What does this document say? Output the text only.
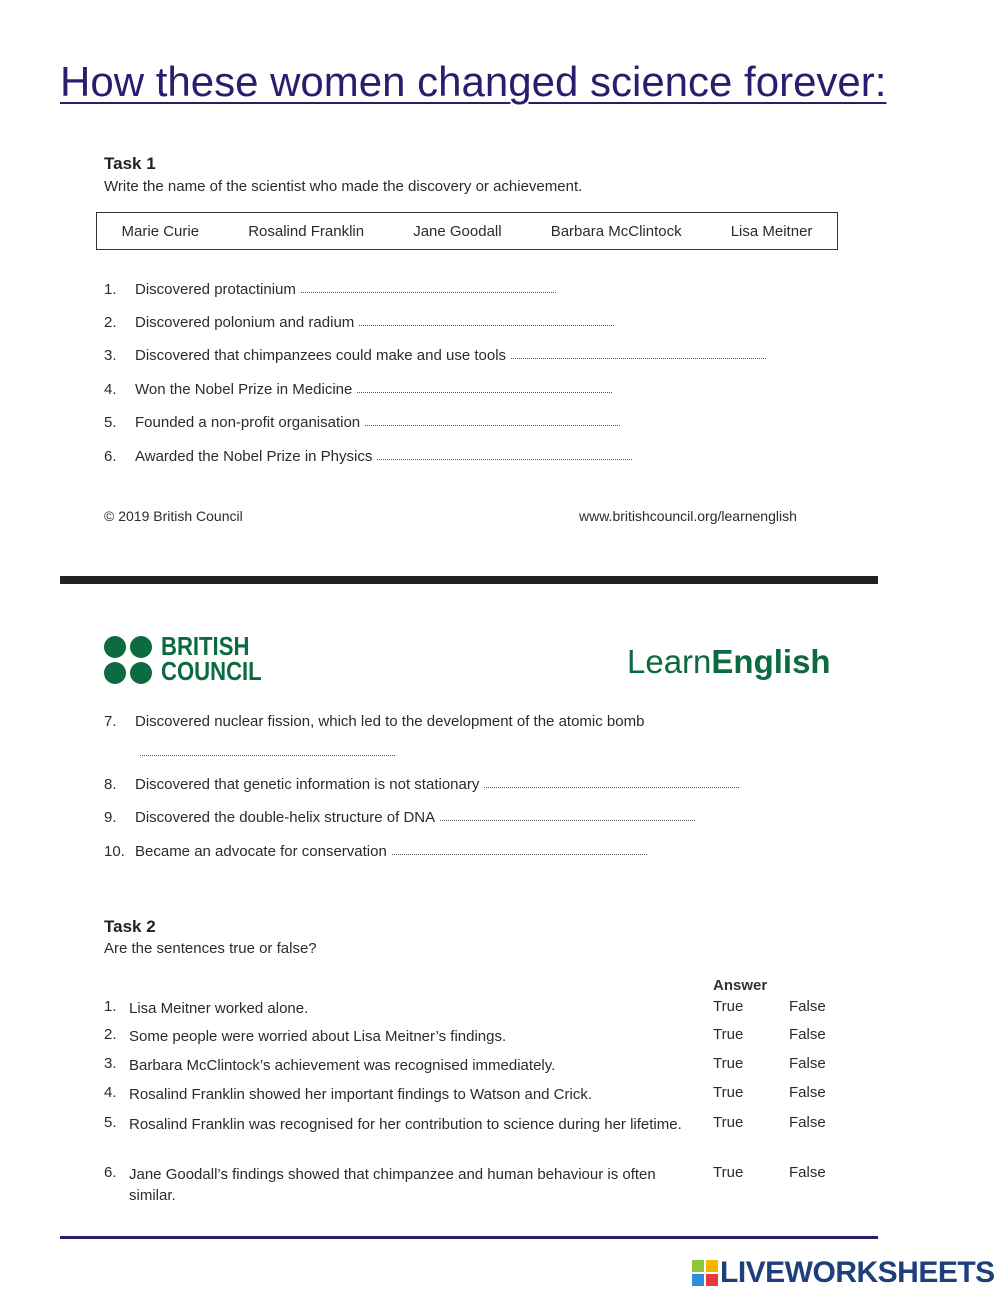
How these women changed science forever:
Task 1
Write the name of the scientist who made the discovery or achievement.
Marie Curie	Rosalind Franklin	Jane Goodall	Barbara McClintock	Lisa Meitner
1.	Discovered protactinium
2.	Discovered polonium and radium
3.	Discovered that chimpanzees could make and use tools
4.	Won the Nobel Prize in Medicine
5.	Founded a non-profit organisation
6.	Awarded the Nobel Prize in Physics
© 2019 British Council	www.britishcouncil.org/learnenglish
BRITISH
COUNCIL	LearnEnglish
7.	Discovered nuclear fission, which led to the development of the atomic bomb
8.	Discovered that genetic information is not stationary
9.	Discovered the double-helix structure of DNA
10. Became an advocate for conservation
Task 2
Are the sentences true or false?
Answer
1. Lisa Meitner worked alone.	True	False
2. Some people were worried about Lisa Meitner’s findings.	True	False
3. Barbara McClintock’s achievement was recognised immediately.	True	False
4. Rosalind Franklin showed her important findings to Watson and Crick.	True	False
5. Rosalind Franklin was recognised for her contribution to science during her lifetime.	True	False
6. Jane Goodall’s findings showed that chimpanzee and human behaviour is often similar.
True	False
LIVEWORKSHEETS
